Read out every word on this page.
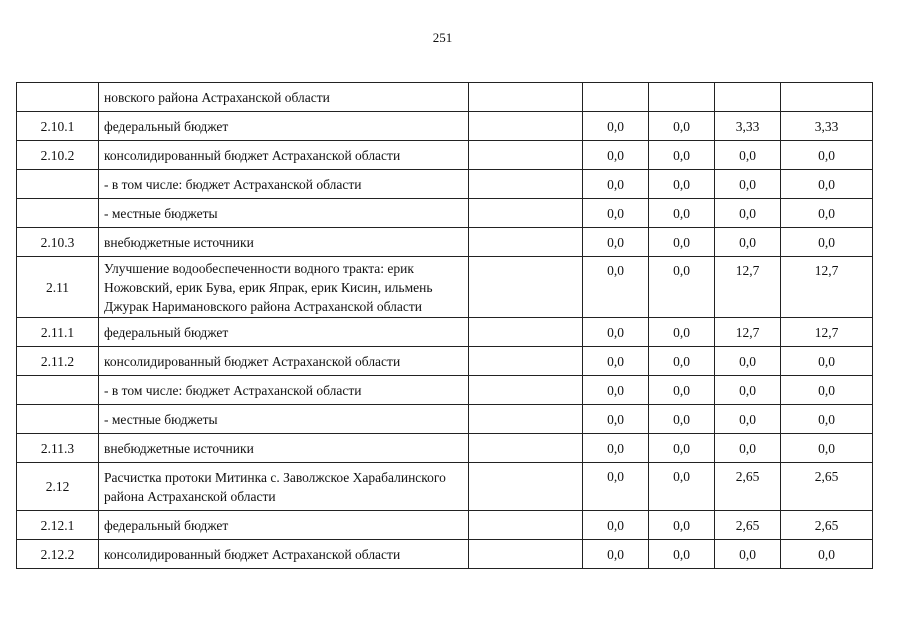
251
	новского района Астраханской области					
2.10.1	федеральный бюджет		0,0	0,0	3,33	3,33
2.10.2	консолидированный бюджет Астраханской области		0,0	0,0	0,0	0,0
	- в том числе: бюджет Астраханской области		0,0	0,0	0,0	0,0
	- местные бюджеты		0,0	0,0	0,0	0,0
2.10.3	внебюджетные источники		0,0	0,0	0,0	0,0
2.11	Улучшение водообеспеченности водного тракта: ерик Ножовский, ерик Бува, ерик Япрак, ерик Кисин, ильмень Джурак Наримановского района Астраханской области		0,0	0,0	12,7	12,7
2.11.1	федеральный бюджет		0,0	0,0	12,7	12,7
2.11.2	консолидированный бюджет Астраханской области		0,0	0,0	0,0	0,0
	- в том числе: бюджет Астраханской области		0,0	0,0	0,0	0,0
	- местные бюджеты		0,0	0,0	0,0	0,0
2.11.3	внебюджетные источники		0,0	0,0	0,0	0,0
2.12	Расчистка протоки Митинка с. Заволжское Харабалинского района Астраханской области		0,0	0,0	2,65	2,65
2.12.1	федеральный бюджет		0,0	0,0	2,65	2,65
2.12.2	консолидированный бюджет Астраханской области		0,0	0,0	0,0	0,0
